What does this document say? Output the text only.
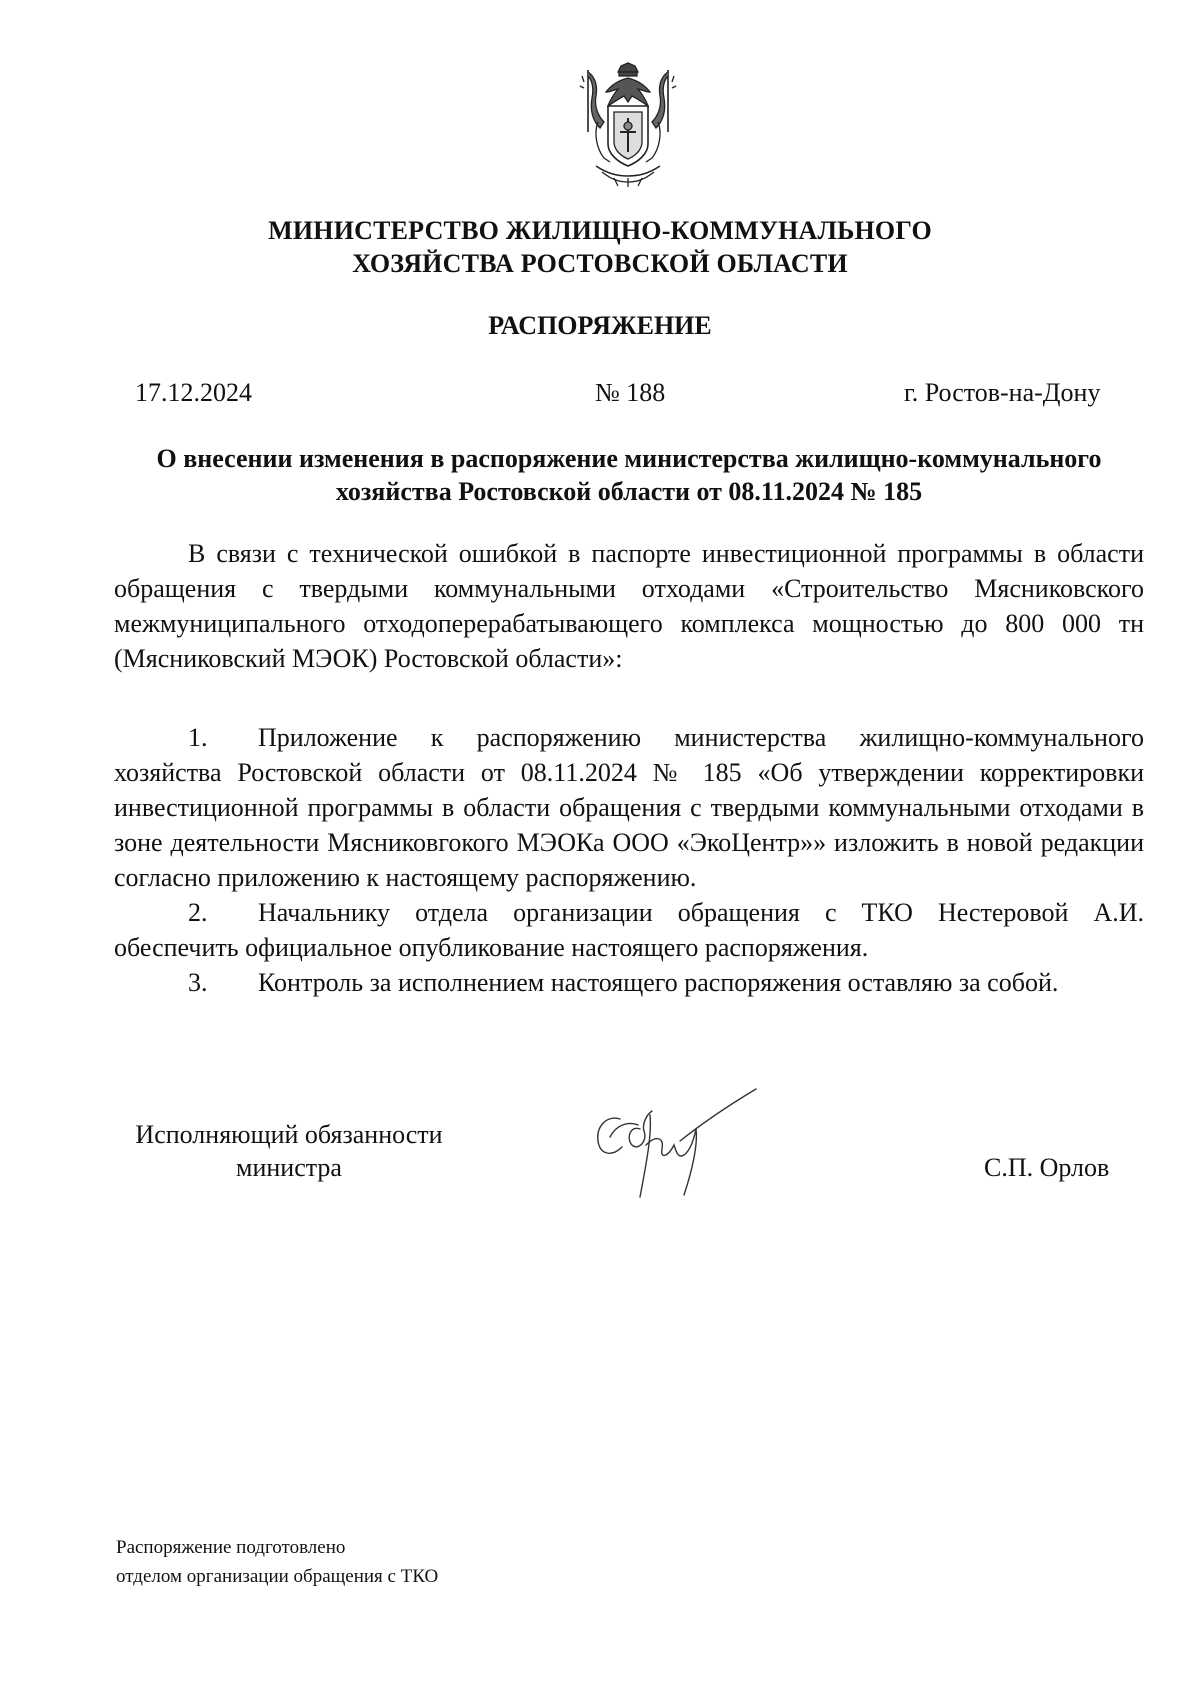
МИНИСТЕРСТВО ЖИЛИЩНО-КОММУНАЛЬНОГО
ХОЗЯЙСТВА РОСТОВСКОЙ ОБЛАСТИ
РАСПОРЯЖЕНИЕ
17.12.2024	№ 188	г. Ростов-на-Дону
О внесении изменения в распоряжение министерства жилищно-коммунального
хозяйства Ростовской области от 08.11.2024 № 185

В связи с технической ошибкой в паспорте инвестиционной программы в области обращения с твердыми коммунальными отходами «Строительство Мясниковского межмуниципального отходоперерабатывающего комплекса мощностью до 800 000 тн (Мясниковский МЭОК) Ростовской области»:

1. Приложение к распоряжению министерства жилищно-коммунального хозяйства Ростовской области от 08.11.2024 № 185 «Об утверждении корректировки инвестиционной программы в области обращения с твердыми коммунальными отходами в зоне деятельности Мясниковгокого МЭОКа ООО «ЭкоЦентр»» изложить в новой редакции согласно приложению к настоящему распоряжению.

2. Начальнику отдела организации обращения с ТКО Нестеровой А.И. обеспечить официальное опубликование настоящего распоряжения.

3. Контроль за исполнением настоящего распоряжения оставляю за собой.

Исполняющий обязанности
министра	С.П. Орлов
Распоряжение подготовлено
отделом организации обращения с ТКО
